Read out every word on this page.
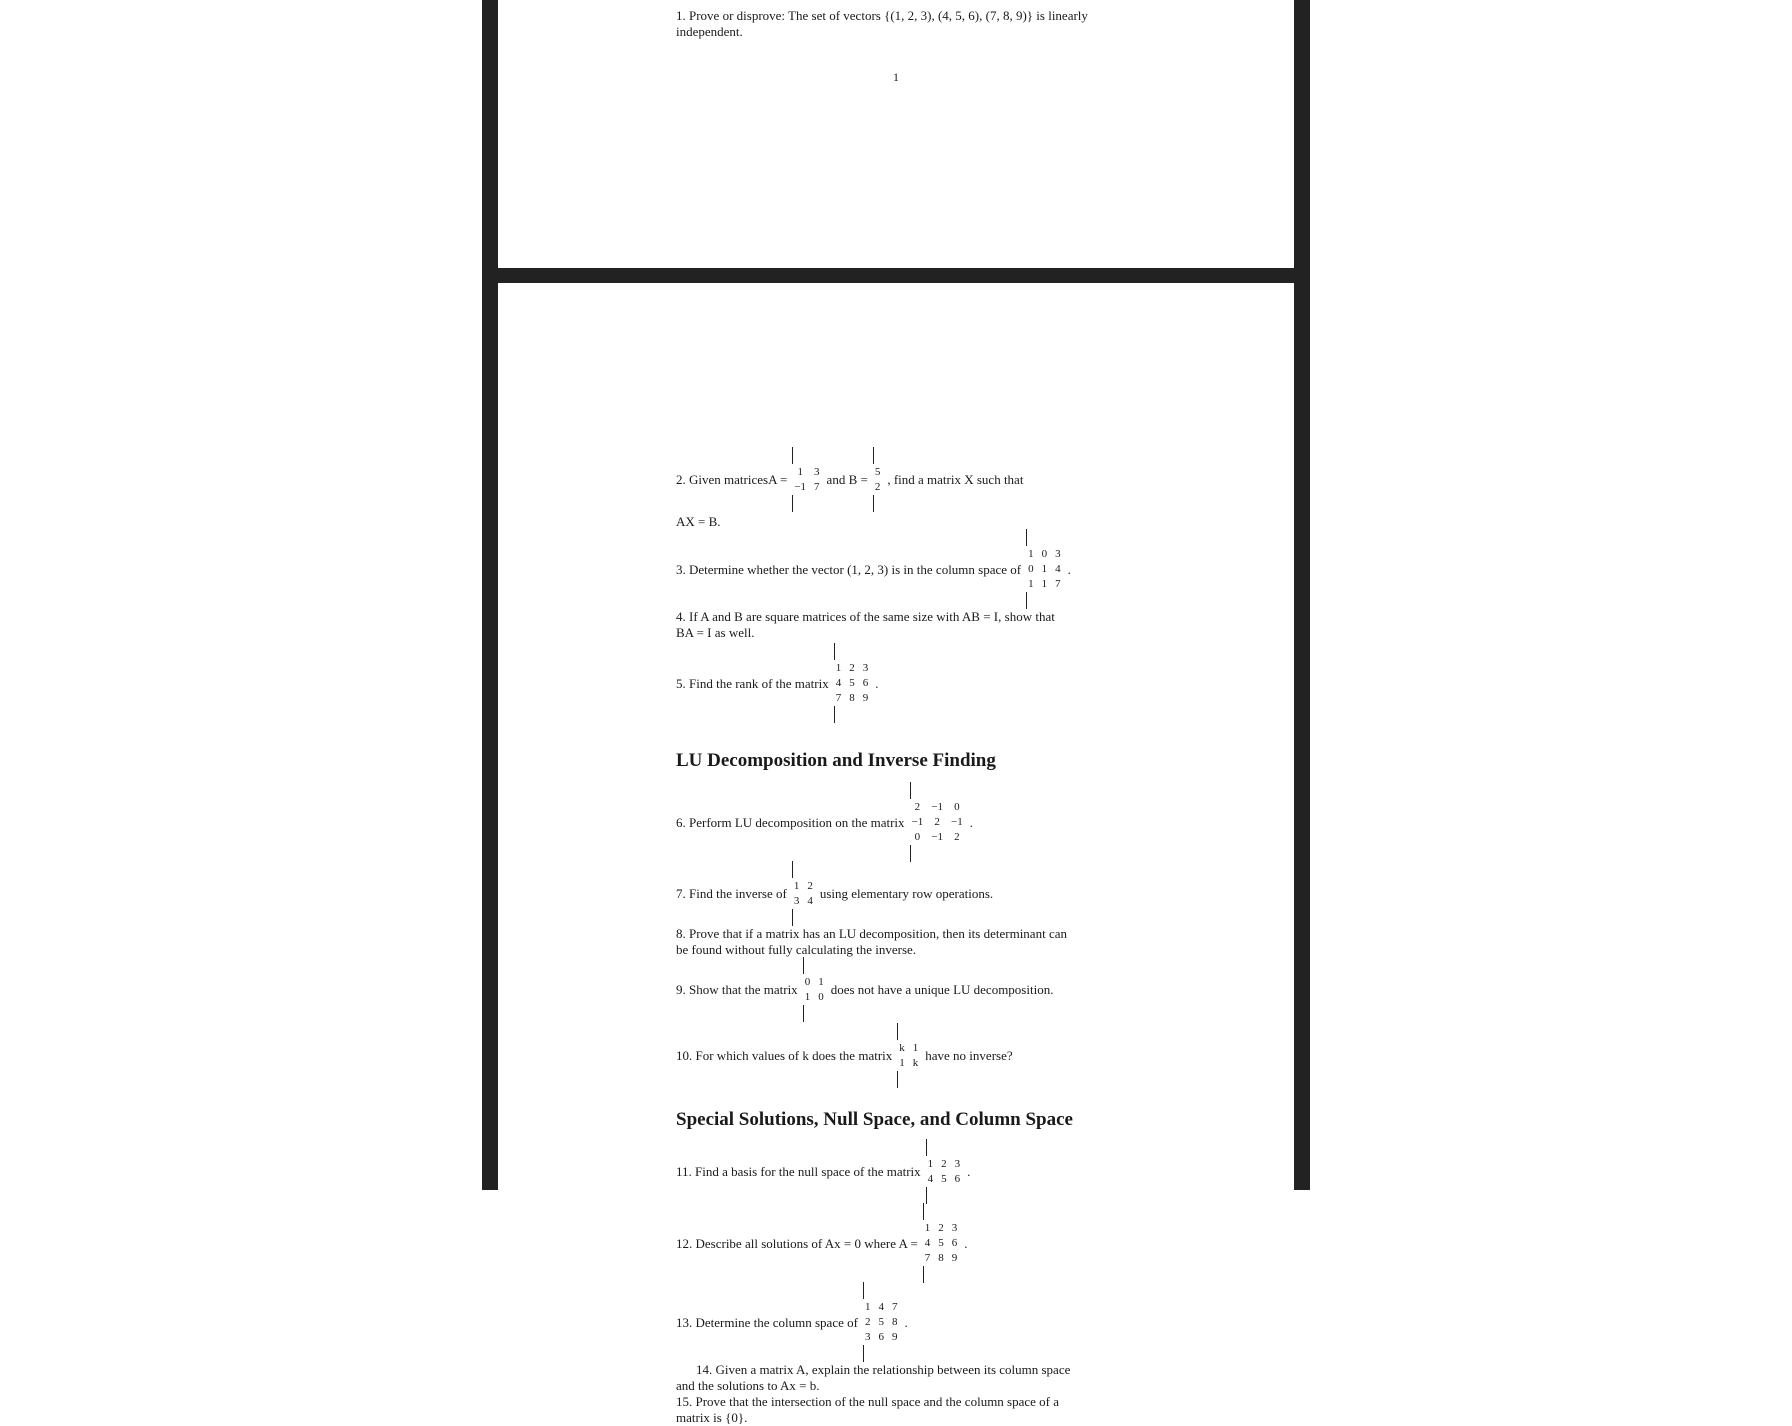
1. Prove or disprove: The set of vectors {(1, 2, 3), (4, 5, 6), (7, 8, 9)} is linearly
independent.

1
2. Given matrices A = 1 3
−1 7 and B = 5
2 , find a matrix X such that
AX = B.
3. Determine whether the vector (1, 2, 3) is in the column space of
1 0 3
0 1 4
1 1 7
.

4. If A and B are square matrices of the same size with AB = I, show that
BA = I as well.

5. Find the rank of the matrix
1 2 3
4 5 6
7 8 9
.
LU Decomposition and Inverse Finding
6. Perform LU decomposition on the matrix
2 −1 0
−1 2 −1
0 −1 2
.
7. Find the inverse of 1 2
3 4 using elementary row operations.

8. Prove that if a matrix has an LU decomposition, then its determinant can
be found without fully calculating the inverse.

9. Show that the matrix 0 1
1 0 does not have a unique LU decomposition.
10. For which values of k does the matrix k 1
1 k have no inverse?
Special Solutions, Null Space, and Column Space
11. Find a basis for the null space of the matrix 1 2 3
4 5 6 .
12. Describe all solutions of Ax = 0 where A =
1 2 3
4 5 6
7 8 9
.
13. Determine the column space of
1 4 7
2 5 8
3 6 9
.

14. Given a matrix A, explain the relationship between its column space
and the solutions to Ax = b.

15. Prove that the intersection of the null space and the column space of a
matrix is {0}.
